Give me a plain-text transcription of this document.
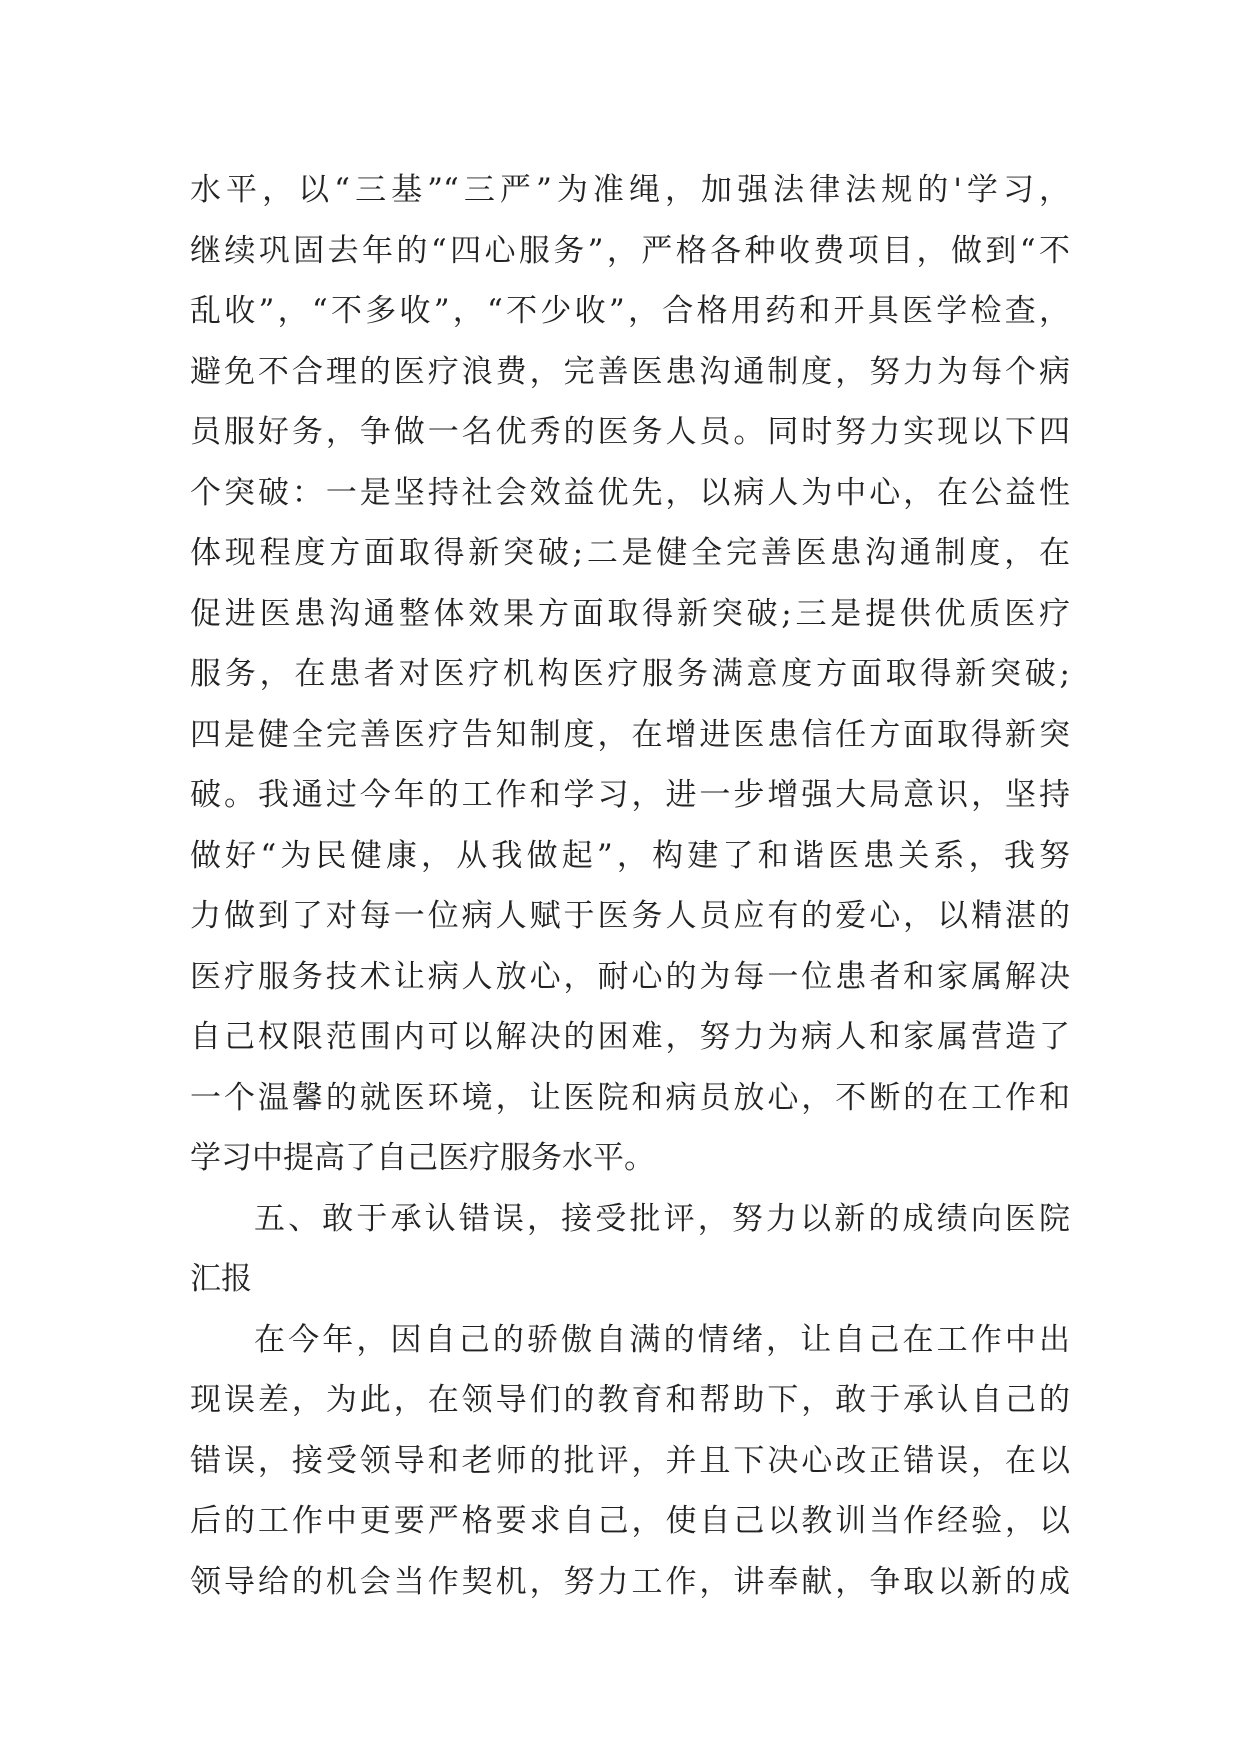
水平，以“三基”“三严”为准绳，加强法律法规的'学习，
继续巩固去年的“四心服务”，严格各种收费项目，做到“不
乱收”，“不多收”，“不少收”，合格用药和开具医学检查，
避免不合理的医疗浪费，完善医患沟通制度，努力为每个病
员服好务，争做一名优秀的医务人员。同时努力实现以下四
个突破：一是坚持社会效益优先，以病人为中心，在公益性
体现程度方面取得新突破;二是健全完善医患沟通制度，在
促进医患沟通整体效果方面取得新突破;三是提供优质医疗
服务，在患者对医疗机构医疗服务满意度方面取得新突破;
四是健全完善医疗告知制度，在增进医患信任方面取得新突
破。我通过今年的工作和学习，进一步增强大局意识，坚持
做好“为民健康，从我做起”，构建了和谐医患关系，我努
力做到了对每一位病人赋于医务人员应有的爱心，以精湛的
医疗服务技术让病人放心，耐心的为每一位患者和家属解决
自己权限范围内可以解决的困难，努力为病人和家属营造了
一个温馨的就医环境，让医院和病员放心，不断的在工作和
学习中提高了自己医疗服务水平。
五、敢于承认错误，接受批评，努力以新的成绩向医院
汇报
在今年，因自己的骄傲自满的情绪，让自己在工作中出
现误差，为此，在领导们的教育和帮助下，敢于承认自己的
错误，接受领导和老师的批评，并且下决心改正错误，在以
后的工作中更要严格要求自己，使自己以教训当作经验，以
领导给的机会当作契机，努力工作，讲奉献，争取以新的成
